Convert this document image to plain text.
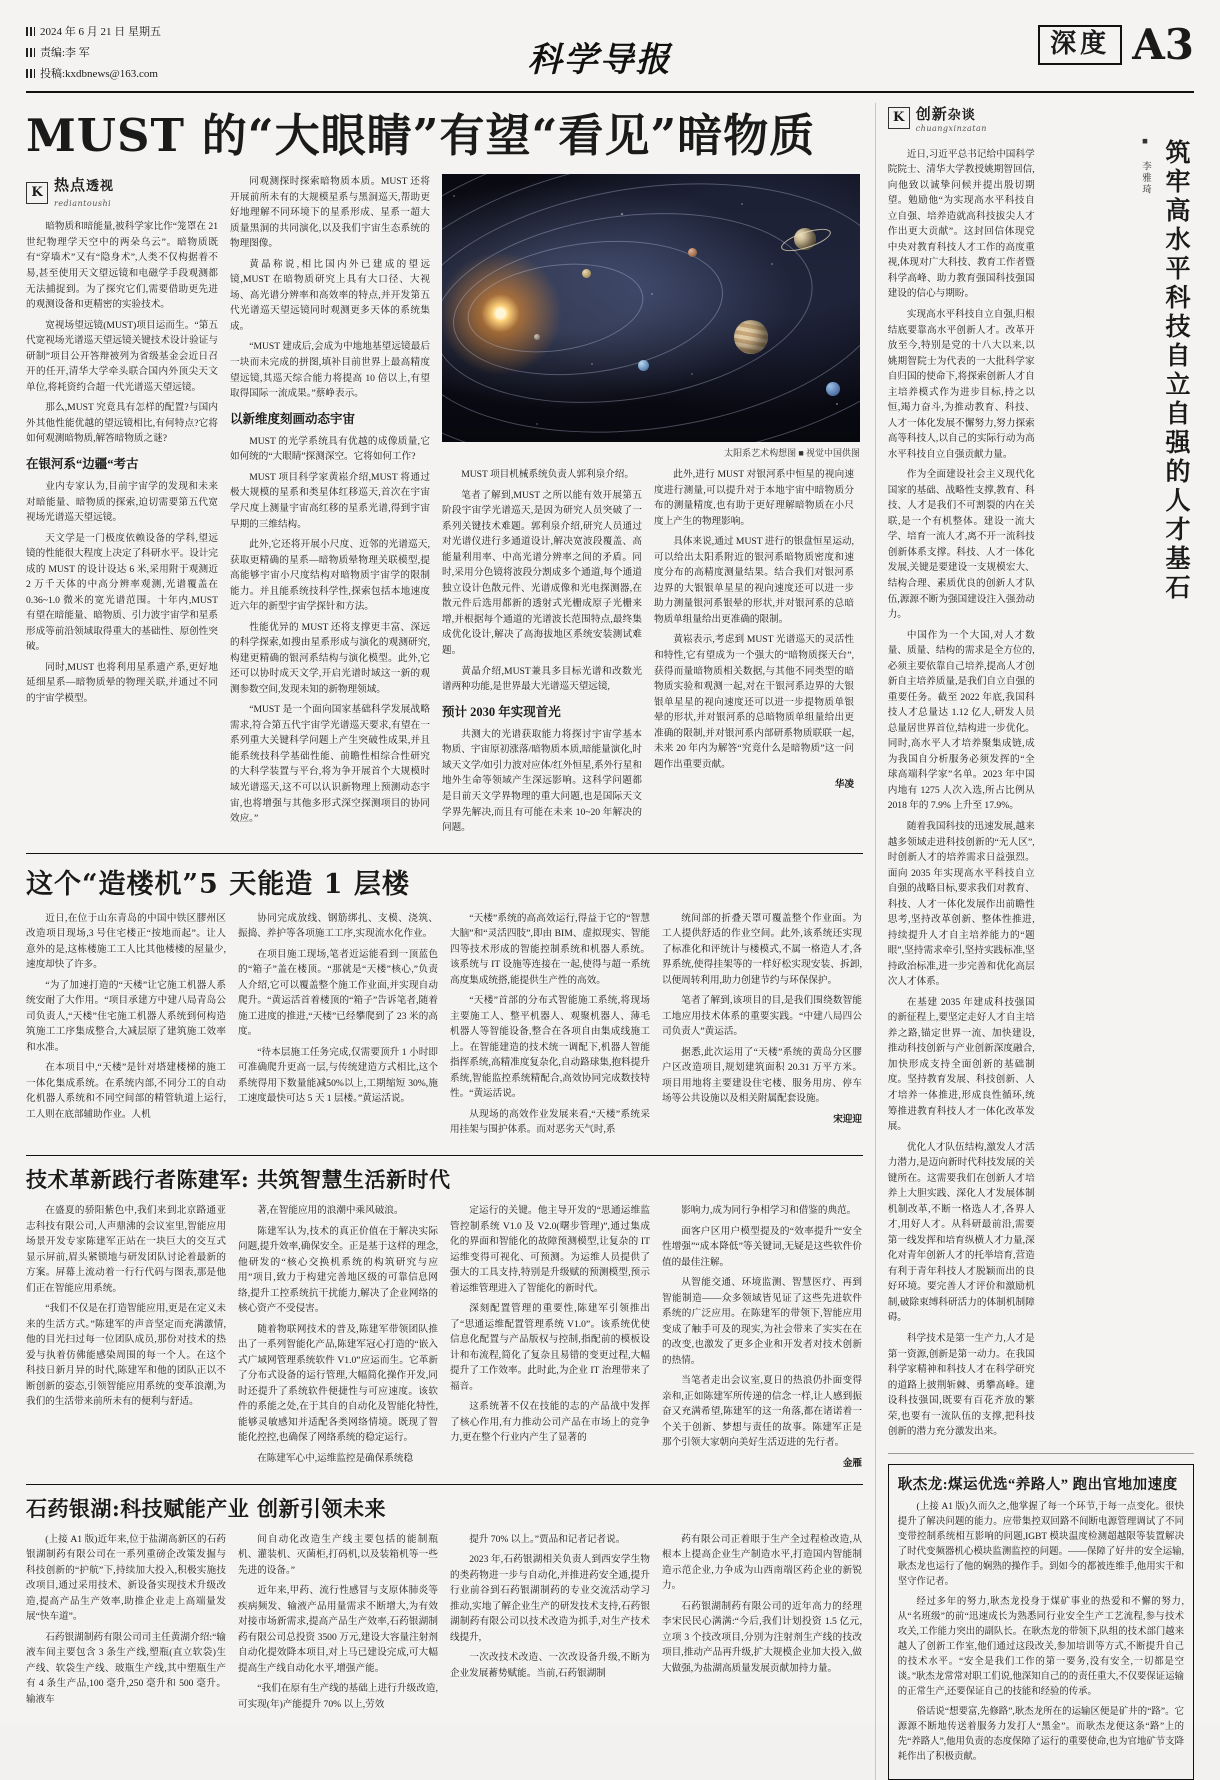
2024 年 6 月 21 日 星期五
责编:李 军
投稿:kxdbnews@163.com	科学导报	深度 A3
MUST 的“大眼睛”有望“看见”暗物质
K 热点透视
rediantoushi

暗物质和暗能量,被科学家比作“笼罩在 21 世纪物理学天空中的两朵乌云”。暗物质既有“穿墙术”又有“隐身术”,人类不仅构据着不易,甚至使用天文望远镜和电磁学手段观测都无法捕捉到。为了探究它们,需要借助更先进的观测设备和更精密的实验技术。

宽视场望远镜(MUST)项目运而生。“第五代宽视场光谱巡天望远镜关键技术设计验证与研制”项目公开答辩被列为省级基金会近日召开的任开,清华大学牵头联合国内外顶尖天文单位,将耗资约合超一代光谱巡天望远镜。

那么,MUST 究竟具有怎样的配置?与国内外其他性能优越的望远镜相比,有何特点?它将如何观测暗物质,解答暗物质之谜?

在银河系“边疆“考古

业内专家认为,目前宇宙学的发现和未来对暗能量、暗物质的探索,迫切需要第五代宽视场光谱巡天望远镜。

天文学是一门极度依赖设备的学科,望远镜的性能很大程度上决定了科研水平。设计完成的 MUST 的设计设达 6 米,采用附于观测近 2 万千天体的中高分辨率观测,光谱覆盖在 0.36~1.0 微米的宽光谱范围。十年内,MUST 有望在暗能量、暗物质、引力波宇宙学和星系形成等前沿领域取得重大的基础性、原创性突破。

同时,MUST 也将利用星系遗产系,更好地延细星系—暗物质晕的物理关联,并通过不同的宇宙学模型。

同观测探时探索暗物质本质。MUST 还将开展前所未有的大规模星系与黑洞巡天,帮助更好地理解不同环境下的星系形成、星系一超大质量黑洞的共同演化,以及我们宇宙生态系统的物理图像。

黄晶称说,相比国内外已建成的望远镜,MUST 在暗物质研究上具有大口径、大视场、高光谱分辨率和高效率的特点,并开发第五代光谱巡天望远镜同时观测更多天体的系统集成。

“MUST 建成后,会成为中地地基望远镜最后一块而未完成的拼图,填补目前世界上最高精度望远镜,其巡天综合能力将提高 10 倍以上,有望取得国际一流成果。”蔡峥表示。

以新维度刻画动态宇宙

MUST 的光学系统具有优越的成像质量,它如何统的“大眼睛”探测深空。它将如何工作?

MUST 项目科学家黄崧介绍,MUST 将通过极大规模的星系和类星体红移巡天,首次在宇宙学尺度上测量宇宙高红移的星系光谱,得到宇宙早期的三维结构。

此外,它还将开展小尺度、近邻的光谱巡天,获取更精确的星系—暗物质晕物理关联模型,提高能够宇宙小尺度结构对暗物质宇宙学的限制能力。并且能系统技科学性,探索包括本地速度近六年的新型宇宙学探针和方法。

性能优异的 MUST 还将支撑更丰富、深远的科学探索,如搜由星系形成与演化的观测研究,构建更精确的银河系结构与演化模型。此外,它还可以协时成天文学,开启光谱时域这一新的观测参数空间,发现未知的新物理领域。

“MUST 是一个面向国家基础科学发展战略需求,符合第五代宇宙学光谱巡天要求,有望在一系列重大关键科学问题上产生突破性成果,并且能系统技科学基础性能、前瞻性相综合性研究的大科学装置与平台,将为争开展首个大规模时域光谱巡天,这不可以认识新物理上预测动态宇宙,也将增强与其他多形式深空探测项目的协同效应。”

太阳系艺术构想图 ■ 视觉中国供图

MUST 项目机械系统负责人郭利泉介绍。

笔者了解到,MUST 之所以能有效开展第五阶段宇宙学光谱巡天,是因为研究人员突破了一系列关键技术难题。郭利泉介绍,研究人员通过对光谱仪进行多通道设计,解决宽波段覆盖、高能量利用率、中高光谱分辨率之间的矛盾。同时,采用分色镜将波段分割成多个通道,每个通道独立设计色散元件、光谱成像和光电探测器,在散元件后选用都新的透射式光栅成原子光栅来增,并根据每个通道的光谱波长范围特点,最终集成优化设计,解决了高海拔地区系统安装测试难题。

黄晶介绍,MUST兼具多目标光谱和改数光谱两种功能,是世界最大光谱巡天望远镜,

预计 2030 年实现首光

共测大的光谱获取能力将探讨宇宙学基本物质、宇宙原初涨落/暗物质本质,暗能量演化,时域天文学/如引力波对应体/红外恒星,系外行星和地外生命等领域产生深远影响。这科学问题都是目前天文学界物理的重大问题,也是国际天文学界先解决,而且有可能在未来 10~20 年解决的问题。

此外,进行 MUST 对银河系中恒星的视向速度进行测量,可以提升对于本地宇宙中暗物质分布的测量精度,也有助于更好理解暗物质在小尺度上产生的物理影响。

具体来说,通过 MUST 进行的银盘恒星运动,可以给出太阳系附近的银河系暗物质密度和速度分布的高精度测量结果。结合我们对银河系边界的大银银单星星的视向速度还可以进一步助力测量银河系银晕的形状,并对银河系的总暗物质单组量给出更准确的限制。

黄崧表示,考虑到 MUST 光谱巡天的灵活性和特性,它有望成为一个强大的“暗物质探天台”,获得而量暗物质相关数据,与其他不同类型的暗物质实验和观测一起,对在干银河系边界的大银银单星星的视向速度还可以进一步提物质单银晕的形状,并对银河系的总暗物质单组量给出更准确的限制,并对银河系内部研系物质联联一起,未来 20 年内为解答“究竟什么是暗物质”这一问题作出重要贡献。

华凌
这个“造楼机”5 天能造 1 层楼

近日,在位于山东青岛的中国中铁区膠州区改造项目现场,3 号住宅楼正“按地而起”。让人意外的是,这栋楼施工工人比其他楼楼的屋量少,速度却快了许多。

“为了加速打造的“天楼”让它施工机器人系统安耐了大作用。“项目承建方中建八局青岛公司负责人,“天楼”住宅施工机器人系统到何构造筑施工工序集成整合,大减层原了建筑施工效率和水准。

在本项目中,“天楼”是针对塔建楼梯的施工一体化集成系统。在系统内部,不同分工的自动化机器人系统和不同空间部的精管轨道上运行,工人则在底部辅助作业。人机

协同完成放线、钢筋绑扎、支模、浇筑、振捣、养护等各项施工工序,实现流水化作业。

在项目施工现场,笔者近运能看到一顶蓝色的“箱子”盖在楼顶。“那就是“天楼”核心,”负责人介绍,它可以覆盖整个施工作业面,并实现自动爬升。“黄运活首着楼顶的“箱子”告诉笔者,随着施工进度的推进,“天楼”已经攀爬到了 23 米的高度。

“待本层施工任务完成,仅需要顶升 1 小时即可准确爬升更高一层,与传统建造方式相比,这个系统得用下数量能减50%以上,工期缩短 30%,施工速度最快可达 5 天 1 层楼。”黄运活说。

“天楼”系统的高高效运行,得益于它的“智慧大脑”和“灵活四肢”,即由 BIM、虚拟现实、智能四等技术形成的智能控制系统和机器人系统。该系统与 IT 设施等连接在一起,使得与超一系统高度集成统搭,能提供生产性的高效。

“天楼”首部的分布式智能施工系统,将现场主要施工人、整平机器人、观聚机器人、薄毛机器人等智能设备,整合在各项自由集成线施工上。在智能建造的技术统一调配下,机器人智能指挥系统,高精准度复杂化,自动路球集,抱料提升系统,智能监控系统精配合,高效协同完成数技特性。“黄运活说。

从现场的高效作业发展来看,“天楼”系统采用挂架与围护体系。而对恶劣天气时,系

统间部的折叠天罩可覆盖整个作业面。为工人提供舒适的作业空间。此外,该系统还实现了标准化和评统计与楼模式,不属一格造人才,各界系统,使得挂架等的一样好松实现安装、拆卸,以便周转利用,助力创建节约与环保保护。

笔者了解到,该项目的目,是我们围绕数智能工地应用技术体系的重要实践。“中建八局四公司负责人”黄运活。

据悉,此次运用了“天楼”系统的黄岛分区膠户区改造项目,规划建筑面积 20.31 万平方米。项目用地将主要建设住宅楼、服务用房、停车场等公共设施以及相关附属配套设施。

宋迎迎
技术革新践行者陈建军: 共筑智慧生活新时代

在盛夏的骄阳紫色中,我们来到北京路通亚志科技有限公司,人声鼎沸的会议室里,智能应用场景开发专家陈建军正站在一块巨大的交互式显示屏前,眉头紧锁地与研发团队讨论着最新的方案。屏幕上流动着一行行代码与图表,那是他们正在智能应用系统。

“我们不仅是在打造智能应用,更是在定义未来的生活方式。”陈建军的声音坚定而充满激情,他的目光扫过每一位团队成员,那份对技术的热爱与执着仿佛能感染周围的每一个人。在这个科技日新月异的时代,陈建军和他的团队正以不断创新的姿态,引领智能应用系统的变革浪潮,为我们的生活带来前所未有的便利与舒适。

著,在智能应用的浪潮中乘风破浪。

陈建军认为,技术的真正价值在于解决实际问题,提升效率,确保安全。正是基于这样的理念,他研发的“核心交换机系统的构筑研究与应用”项目,致力于构建完善地区级的可靠信息网络,提升工控系统抗干扰能力,解决了企业网络的核心资产不受侵害。

随着物联网技术的普及,陈建军带领团队推出了一系列智能化产品,陈建军冠心打造的“嵌入式广域网管理系统软件 V1.0”应运而生。它革新了分布式设备的运行管理,大幅简化操作开发,同时还提升了系统软件便捷性与可应速度。该软件的系能之处,在于其自的自动化及智能化特性,能够灵敏感知并适配各类网络情境。既现了智能化控控,也确保了网络系统的稳定运行。

在陈建军心中,运维监控是确保系统稳

定运行的关键。他主导开发的“思通运维监管控制系统 V1.0 及 V2.0(曙步管理)”,通过集成化的界面和智能化的故障预测模型,让复杂的 IT 运维变得可视化、可预测。为运维人员提供了强大的工具支持,特别是升级赋的预测模型,预示着运维管理进入了智能化的新时代。

深刻配置管理的重要性,陈建军引领推出了“思通运维配置管理系统 V1.0”。该系统优使信息化配置与产品版权与控制,指配前的模板设计和布流程,简化了复杂且易错的变更过程,大幅提升了工作效率。此时此,为企业 IT 治理带来了福音。

这系统著不仅在技能的志的产品战中发挥了核心作用,有力推动公司产品在市场上的竞争力,更在整个行业内产生了显著的

影响力,成为同行争相学习和借鉴的典范。

面客户区用户模型提及的“效率提升”“安全性增强”“成本降低”等关键词,无疑是这些软件价值的最佳注解。

从智能交通、环境监测、智慧医疗、再到智能制造——众多领域皆见证了这些先进软件系统的广泛应用。在陈建军的带领下,智能应用变成了触手可及的现实,为社会带来了实实在在的改变,也激发了更多企业和开发者对技术创新的热情。

当笔者走出会议室,夏日的热浪仍扑面变得亲和,正如陈建军所传递的信念一样,让人感到振奋又充满希望,陈建军的这一角落,都在诸诺着一个关于创新、梦想与责任的故事。陈建军正是那个引领大家朝向美好生活迈进的先行者。

金雁
石药银湖:科技赋能产业 创新引领未来

(上接 A1 版)近年来,位于盐湖高新区的石药银湖制药有限公司在一系列重磅企改策发掘与科技创新的“护航”下,持续加大投入,积极实施技改项目,通过采用技术、新设备实现技术升级改造,提高产品生产效率,助推企业走上高端量发展“快车道”。

石药银湖制药有限公司司主任黄湖介绍:“输液车间主要包含 3 条生产线,塑瓶(直立软袋)生产线、软袋生产线、玻瓶生产线,其中塑瓶生产有 4 条生产品,100 毫升,250 毫升和 500 毫升。输液车

间自动化改造生产线主要包括的能制瓶机、灌装机、灭菌柜,打码机,以及装箱机等一些先进的设备。”

近年来,甲药、流行性感冒与支原体肺炎等疾病频发、输液产品用量需求不断增大,为有效对接市场新需求,提高产品生产效率,石药银湖制药有限公司总投资 3500 万元,建设大容量注射剂自动化提效降本项目,对上马已建设完成,可大幅提高生产线自动化水平,增强产能。

“我们在原有生产线的基础上进行升级改造,可实现(年)产能提升 70% 以上,劳效

提升 70% 以上。”贾品和记者记者说。

2023 年,石药银湖相关负责人到西安学生物的类药物进一步与自动化,并推进药安全通,提升行业前谷到石药银湖制药的专业交流活动学习推动,实地了解企业生产的研发技术支持,石药银湖制药有限公司以技术改造为抓手,对生产技术线提升,

一次改技术改造、一次改设备升级,不断为企业发展蓄势赋能。当前,石药银湖制

药有限公司正着眼于生产全过程检改造,从根本上提高企业生产制造水平,打造国内智能制造示范企业,力争成为山西南端区药企业的新锐力。

石药银湖制药有限公司的近年高力的经理李宋民民心满满:“今后,我们计划投资 1.5 亿元,立项 3 个技改项目,分别为注射剂生产线的技改项目,推动产品再升级,扩大规模企业加大投入,做大做强,为盐湖高质量发展贡献加持力量。

K 创新杂谈
chuangxinzatan
■ 李雅琦 筑牢高水平科技自立自强的人才基石

近日,习近平总书记给中国科学院院士、清华大学教授姚期智回信,向他致以诚挚问候并提出殷切期望。勉励他“为实现高水平科技自立自强、培养造就高科技拔尖人才作出更大贡献”。这封回信体现党中央对教育科技人才工作的高度重视,体现对广大科技、教育工作者暨科学高峰、助力教育强国科技强国建设的信心与期盼。

实现高水平科技自立自强,归根结底要靠高水平创新人才。改革开放至今,特别是党的十八大以来,以姚期智院士为代表的一大批科学家自归国的使命下,将探索创新人才自主培养模式作为进步目标,持之以恒,竭力奋斗,为推动教育、科技、人才一体化发展不懈努力,努力探索高等科技人,以自己的实际行动为高水平科技自立自强贡献力量。

作为全面建设社会主义现代化国家的基础、战略性支撑,教育、科技、人才是我们不可割裂的内在关联,是一个有机整体。建设一流大学、培育一流人才,离不开一流科技创新体系支撑。科技、人才一体化发展,关键是要建设一支规模宏大、结构合理、素质优良的创新人才队伍,源源不断为强国建设注入强劲动力。

中国作为一个大国,对人才数量、质量、结构的需求是全方位的,必须主要依靠自己培养,提高人才创新自主培养质量,是我们自立自强的重要任务。截至 2022 年底,我国科技人才总量达 1.12 亿人,研发人员总量居世界首位,结构进一步优化。同时,高水平人才培养聚集成链,成为我国自分析服务必须发挥的“全球高端科学家”名单。2023 年中国内地有 1275 人次入选,所占比例从 2018 年的 7.9% 上升至 17.9%。

随着我国科技的迅速发展,越来越多领域走进科技创新的“无人区”,时创新人才的培养需求日益强烈。面向 2035 年实现高水平科技自立自强的战略目标,要求我们对教育、科技、人才一体化发展作出前瞻性思考,坚持改革创新、整体性推进,持续提升人才自主培养能力的“题眼”,坚持需求牵引,坚持实践标准,坚持政治标准,进一步完善和优化高层次人才体系。

在基建 2035 年建成科技强国的新征程上,要坚定走好人才自主培养之路,锚定世界一流、加快建设,推动科技创新与产业创新深度融合,加快形成支持全面创新的基础制度。坚持教育发展、科技创新、人才培养一体推进,形成良性循环,统筹推进教育科技人才一体化改革发展。

优化人才队伍结构,激发人才活力潜力,是迈向新时代科技发展的关键所在。这需要我们在创新人才培养上大胆实践、深化人才发展体制机制改革,不断一格选人才,各界人才,用好人才。从科研最前沿,需要第一线发挥和培育纵横人才力量,深化对青年创新人才的托举培育,营造有利于青年科技人才脱颖而出的良好环境。要完善人才评价和激励机制,破除束缚科研活力的体制机制障碍。

科学技术是第一生产力,人才是第一资源,创新是第一动力。在我国科学家精神和科技人才在科学研究的道路上披荆斩棘、勇攀高峰。建设科技强国,既要有百花齐放的繁荣,也要有一流队伍的支撑,把科技创新的潜力充分激发出来。

耿杰龙:煤运优选“养路人” 跑出官地加速度

(上接 A1 版)久而久之,他掌握了每一个环节,于每一点变化。很快提升了解决问题的能力。应带集控双回路不间断电源管理调试了不同变带控制系统相互影响的问题,IGBT 模块温度检测超越限等装置解决了时代变频器机心模块监测监控的问题。——保障了好井的安全运输,耿杰龙也运行了他的娴熟的操作手。到如今的都被连维手,他用实干和坚守作记者。

经过多年的努力,耿杰龙投身于煤矿事业的热爱和不懈的努力,从“名班级”的前“迅速成长为熟悉同行业安全生产工艺流程,参与技术攻关,工作能力突出的副队长。在耿杰龙的带领下,队组的技术部门越来越人了创新工作室,他们通过这段改关,参加培训等方式,不断提升自己的技术水平。“安全是我们工作的第一要务,没有安全,一切都是空谈。”耿杰龙常常对职工们说,他深知自己的的责任重大,不仅要保证运输的正常生产,还要保证自己的技能和经验的传承。

俗话说“想要富,先修路”,耿杰龙所在的运输区便是矿井的“路”。它源源不断地传送着服务力发打人“黑金”。而耿杰龙便这条“路”上的先“养路人”,他用负责的态度保障了运行的重要使命,也为官地矿节支降耗作出了积极贡献。
